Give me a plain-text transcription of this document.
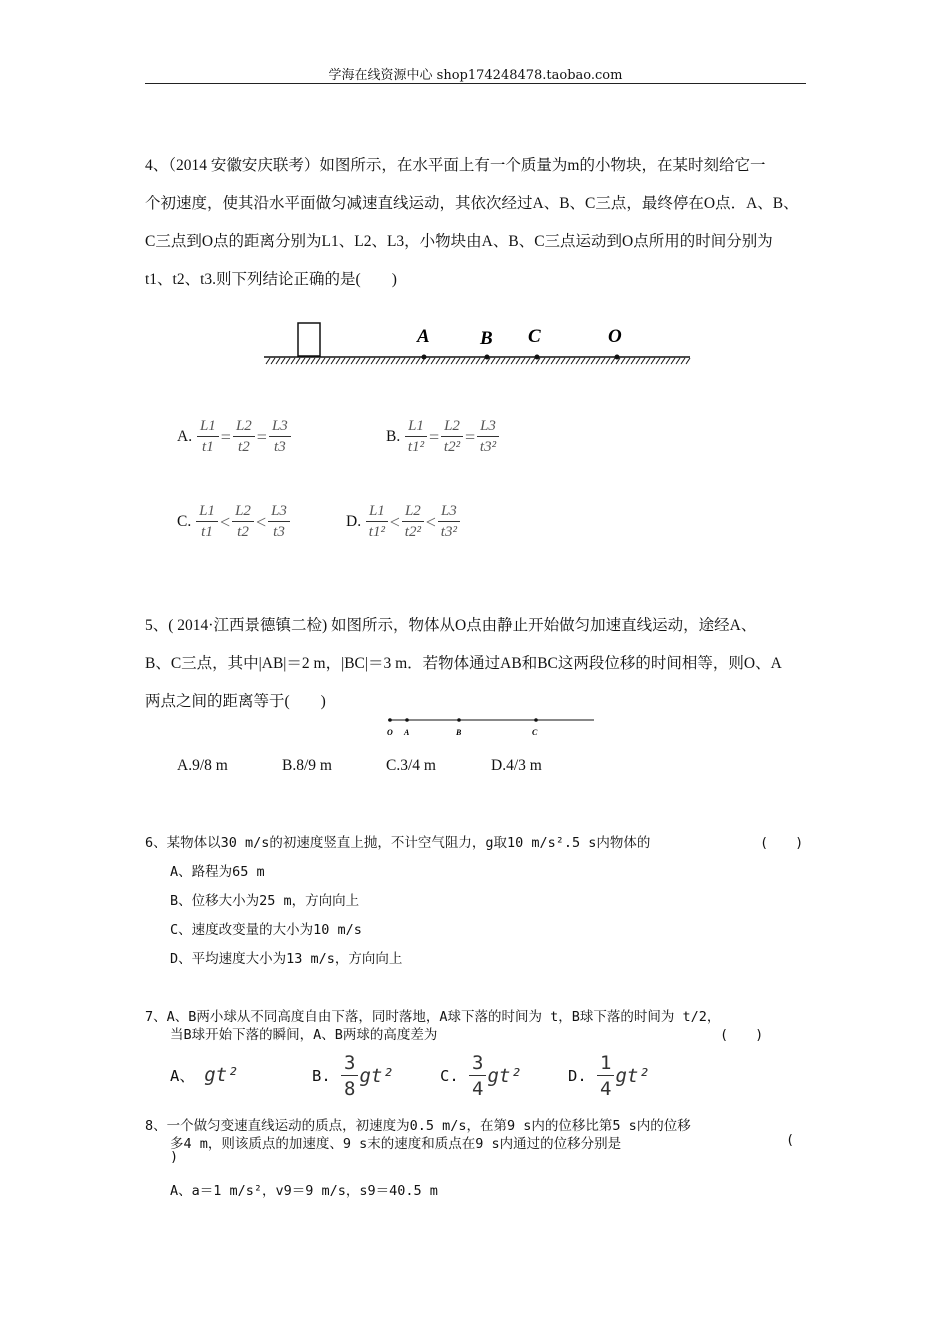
学海在线资源中心 shop174248478.taobao.com
4、（2014 安徽安庆联考）如图所示，在水平面上有一个质量为m的小物块，在某时刻给它一
个初速度，使其沿水平面做匀减速直线运动，其依次经过A、B、C三点，最终停在O点．A、B、
C三点到O点的距离分别为L1、L2、L3，小物块由A、B、C三点运动到O点所用的时间分别为
t1、t2、t3.则下列结论正确的是(　　)
A	B C	O
A. $\frac{L1}{t1} = \frac{L2}{t2} = \frac{L3}{t3}$	B. $\frac{L1}{\text{t1²}} = \frac{L2}{\text{t2²}} = \frac{L3}{\text{t3²}}$
C. $\frac{L1}{t1} < \frac{L2}{t2} < \frac{L3}{t3}$	D. $\frac{L1}{\text{t1²}} < \frac{L2}{\text{t2²}} < \frac{L3}{\text{t3²}}$
5、( 2014·江西景德镇二检) 如图所示，物体从O点由静止开始做匀加速直线运动，途经A、
B、C三点，其中|AB|＝2 m，|BC|＝3 m．若物体通过AB和BC这两段位移的时间相等，则O、A
两点之间的距离等于(　　)
O A	B	C
A.9/8 m	B.8/9 m	C.3/4 m	D.4/3 m
6、某物体以30 m/s的初速度竖直上抛，不计空气阻力，g取10 m/s².5 s内物体的	(　　)
A、路程为65 m
B、位移大小为25 m，方向向上
C、速度改变量的大小为10 m/s
D、平均速度大小为13 m/s，方向向上
7、A、B两小球从不同高度自由下落，同时落地，A球下落的时间为 t，B球下落的时间为 t/2，
当B球开始下落的瞬间，A、B两球的高度差为	(　　)
A、 gt²	B. $\frac{3}{8} gt^2$	C. $\frac{3}{4} gt^2$	D. $\frac{1}{4} gt^2$
8、一个做匀变速直线运动的质点，初速度为0.5 m/s，在第9 s内的位移比第5 s内的位移
多4 m，则该质点的加速度、9 s末的速度和质点在9 s内通过的位移分别是	(
)
A、a＝1 m/s²，v9＝9 m/s，s9＝40.5 m
